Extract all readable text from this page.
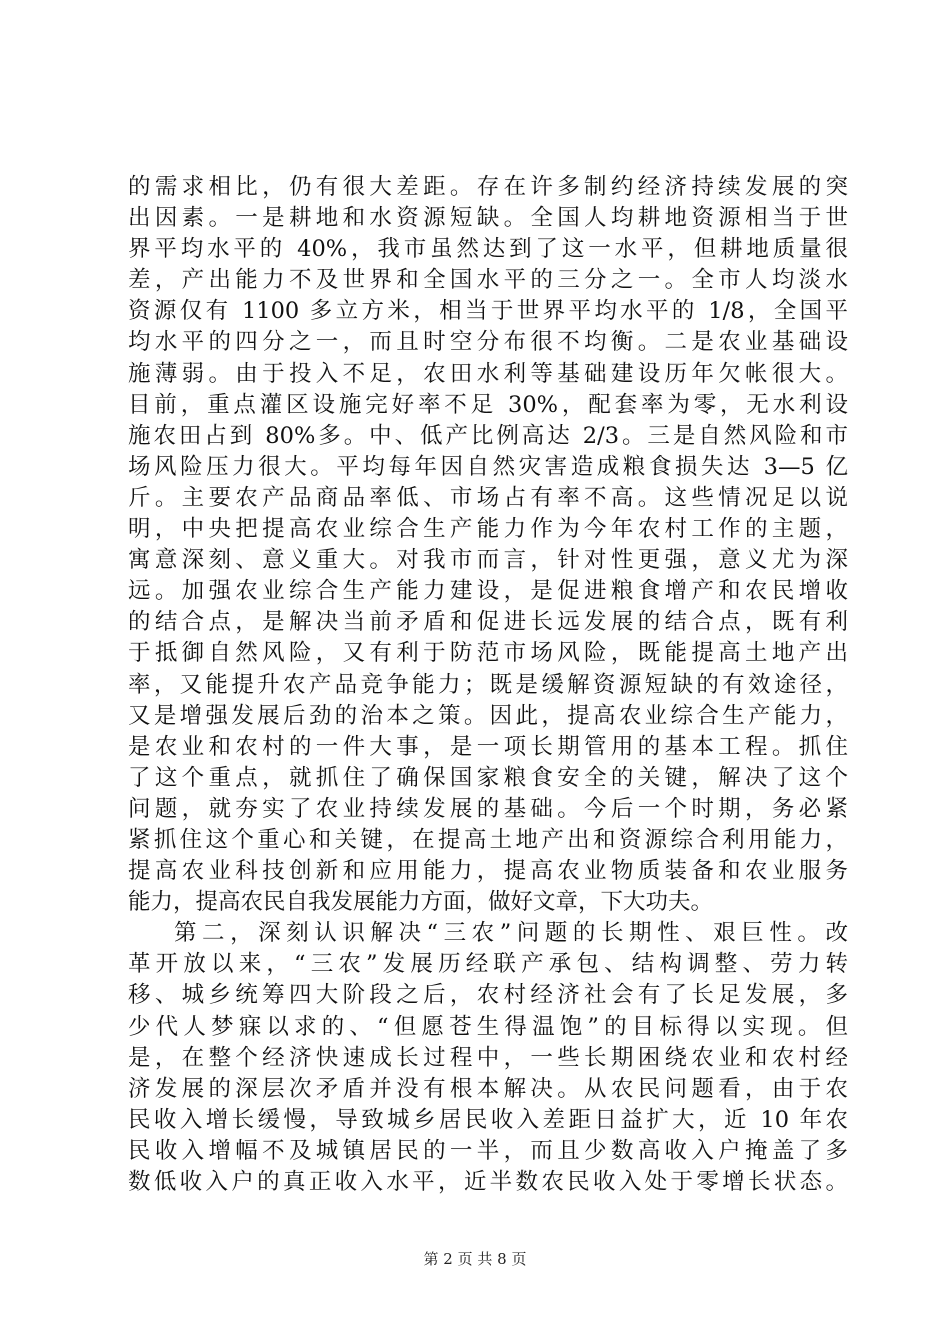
的需求相比，仍有很大差距。存在许多制约经济持续发展的突
出因素。一是耕地和水资源短缺。全国人均耕地资源相当于世
界平均水平的 40%，我市虽然达到了这一水平，但耕地质量很
差，产出能力不及世界和全国水平的三分之一。全市人均淡水
资源仅有 1100 多立方米，相当于世界平均水平的 1/8，全国平
均水平的四分之一，而且时空分布很不均衡。二是农业基础设
施薄弱。由于投入不足，农田水利等基础建设历年欠帐很大。
目前，重点灌区设施完好率不足 30%，配套率为零，无水利设
施农田占到 80%多。中、低产比例高达 2/3。三是自然风险和市
场风险压力很大。平均每年因自然灾害造成粮食损失达 3—5 亿
斤。主要农产品商品率低、市场占有率不高。这些情况足以说
明，中央把提高农业综合生产能力作为今年农村工作的主题，
寓意深刻、意义重大。对我市而言，针对性更强，意义尤为深
远。加强农业综合生产能力建设，是促进粮食增产和农民增收
的结合点，是解决当前矛盾和促进长远发展的结合点，既有利
于抵御自然风险，又有利于防范市场风险，既能提高土地产出
率，又能提升农产品竞争能力；既是缓解资源短缺的有效途径，
又是增强发展后劲的治本之策。因此，提高农业综合生产能力，
是农业和农村的一件大事，是一项长期管用的基本工程。抓住
了这个重点，就抓住了确保国家粮食安全的关键，解决了这个
问题，就夯实了农业持续发展的基础。今后一个时期，务必紧
紧抓住这个重心和关键，在提高土地产出和资源综合利用能力，
提高农业科技创新和应用能力，提高农业物质装备和农业服务
能力，提高农民自我发展能力方面，做好文章，下大功夫。
第二，深刻认识解决“三农”问题的长期性、艰巨性。改
革开放以来，“三农”发展历经联产承包、结构调整、劳力转
移、城乡统筹四大阶段之后，农村经济社会有了长足发展，多
少代人梦寐以求的、“但愿苍生得温饱”的目标得以实现。但
是，在整个经济快速成长过程中，一些长期困绕农业和农村经
济发展的深层次矛盾并没有根本解决。从农民问题看，由于农
民收入增长缓慢，导致城乡居民收入差距日益扩大，近 10 年农
民收入增幅不及城镇居民的一半，而且少数高收入户掩盖了多
数低收入户的真正收入水平，近半数农民收入处于零增长状态。
第 2 页 共 8 页
